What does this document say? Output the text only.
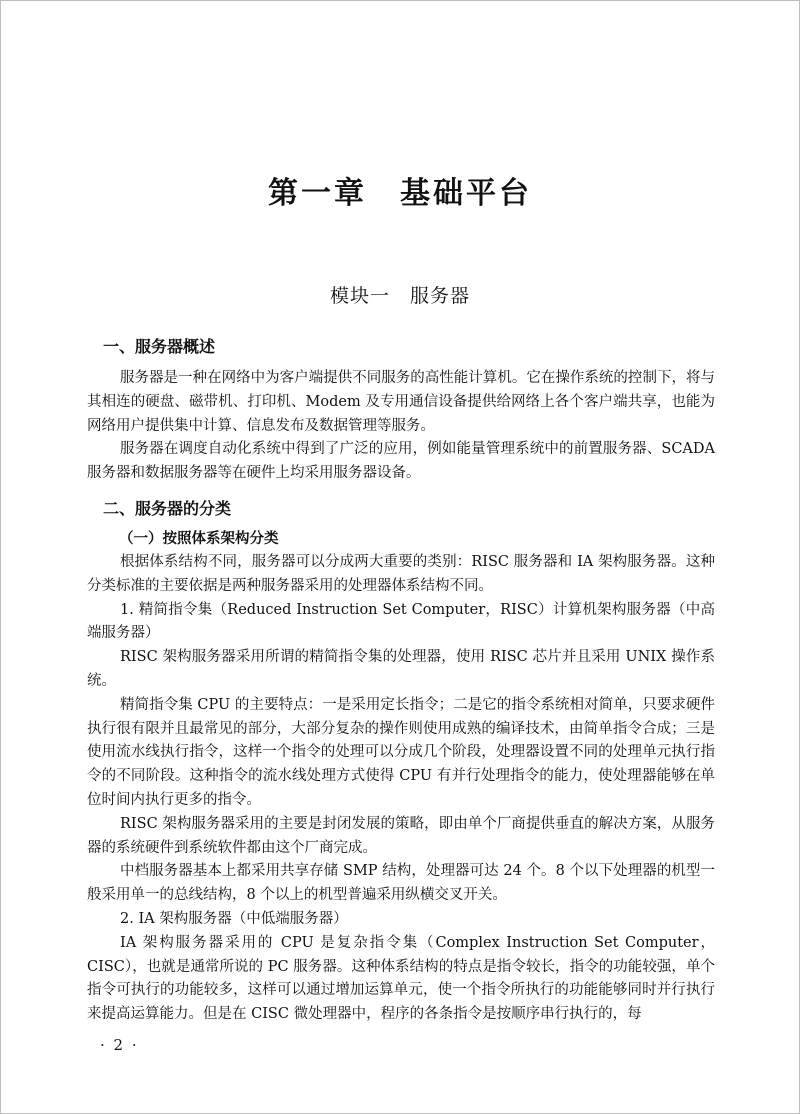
第一章　基础平台
模块一　服务器
一、服务器概述

服务器是一种在网络中为客户端提供不同服务的高性能计算机。它在操作系统的控制下，将与其相连的硬盘、磁带机、打印机、Modem 及专用通信设备提供给网络上各个客户端共享，也能为网络用户提供集中计算、信息发布及数据管理等服务。

服务器在调度自动化系统中得到了广泛的应用，例如能量管理系统中的前置服务器、SCADA 服务器和数据服务器等在硬件上均采用服务器设备。

二、服务器的分类
（一）按照体系架构分类

根据体系结构不同，服务器可以分成两大重要的类别：RISC 服务器和 IA 架构服务器。这种分类标准的主要依据是两种服务器采用的处理器体系结构不同。

1. 精简指令集（Reduced Instruction Set Computer，RISC）计算机架构服务器（中高端服务器）

RISC 架构服务器采用所谓的精简指令集的处理器，使用 RISC 芯片并且采用 UNIX 操作系统。

精简指令集 CPU 的主要特点：一是采用定长指令；二是它的指令系统相对简单，只要求硬件执行很有限并且最常见的部分，大部分复杂的操作则使用成熟的编译技术，由简单指令合成；三是使用流水线执行指令，这样一个指令的处理可以分成几个阶段，处理器设置不同的处理单元执行指令的不同阶段。这种指令的流水线处理方式使得 CPU 有并行处理指令的能力，使处理器能够在单位时间内执行更多的指令。

RISC 架构服务器采用的主要是封闭发展的策略，即由单个厂商提供垂直的解决方案，从服务器的系统硬件到系统软件都由这个厂商完成。

中档服务器基本上都采用共享存储 SMP 结构，处理器可达 24 个。8 个以下处理器的机型一般采用单一的总线结构，8 个以上的机型普遍采用纵横交叉开关。

2. IA 架构服务器（中低端服务器）

IA 架构服务器采用的 CPU 是复杂指令集（Complex Instruction Set Computer，CISC），也就是通常所说的 PC 服务器。这种体系结构的特点是指令较长，指令的功能较强，单个指令可执行的功能较多，这样可以通过增加运算单元，使一个指令所执行的功能能够同时并行执行来提高运算能力。但是在 CISC 微处理器中，程序的各条指令是按顺序串行执行的，每

· 2 ·
